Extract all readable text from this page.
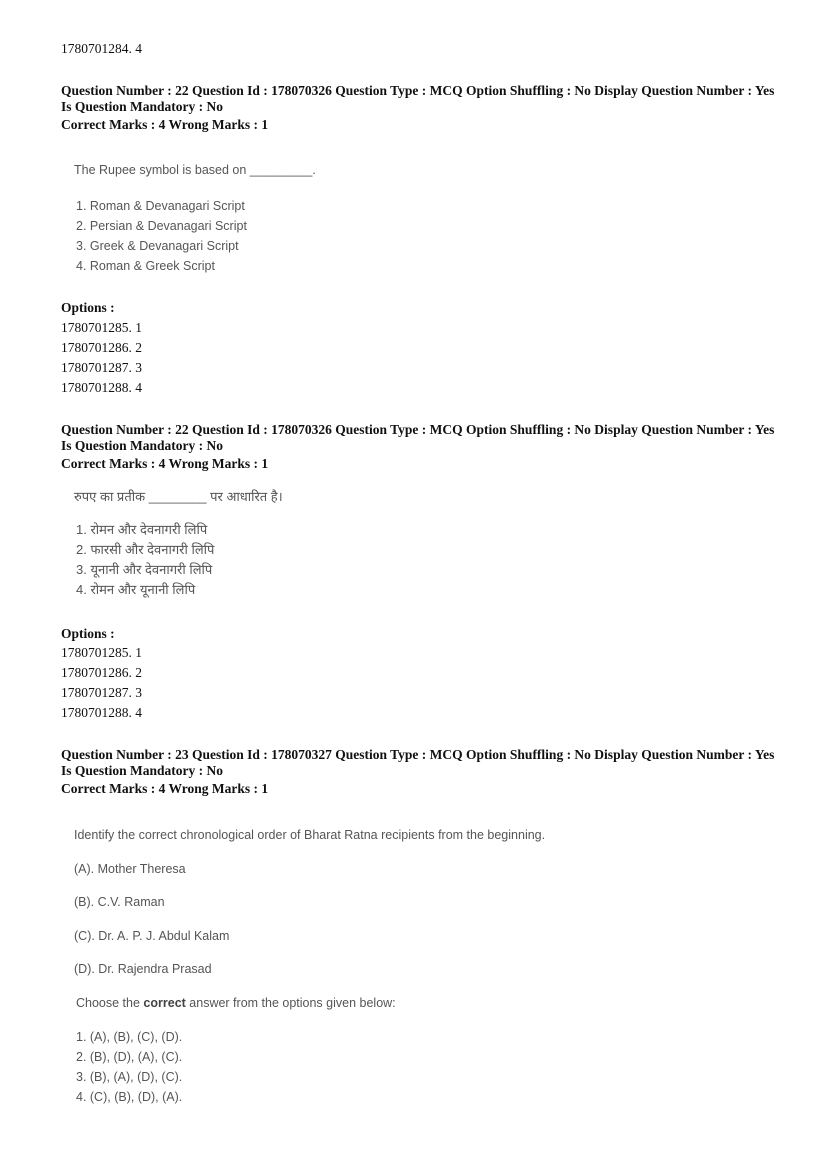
1780701284. 4
Question Number : 22 Question Id : 178070326 Question Type : MCQ Option Shuffling : No Display Question Number : Yes
Is Question Mandatory : No
Correct Marks : 4 Wrong Marks : 1
The Rupee symbol is based on _________.
1. Roman & Devanagari Script
2. Persian & Devanagari Script
3. Greek & Devanagari Script
4. Roman & Greek Script
Options :
1780701285. 1
1780701286. 2
1780701287. 3
1780701288. 4
Question Number : 22 Question Id : 178070326 Question Type : MCQ Option Shuffling : No Display Question Number : Yes
Is Question Mandatory : No
Correct Marks : 4 Wrong Marks : 1
रुपए का प्रतीक ________ पर आधारित है।
1. रोमन और देवनागरी लिपि
2. फारसी और देवनागरी लिपि
3. यूनानी और देवनागरी लिपि
4. रोमन और यूनानी लिपि
Options :
1780701285. 1
1780701286. 2
1780701287. 3
1780701288. 4
Question Number : 23 Question Id : 178070327 Question Type : MCQ Option Shuffling : No Display Question Number : Yes
Is Question Mandatory : No
Correct Marks : 4 Wrong Marks : 1
Identify the correct chronological order of Bharat Ratna recipients from the beginning.
(A). Mother Theresa
(B). C.V. Raman
(C). Dr. A. P. J. Abdul Kalam
(D). Dr. Rajendra Prasad
Choose the correct answer from the options given below:
1. (A), (B), (C), (D).
2. (B), (D), (A), (C).
3. (B), (A), (D), (C).
4. (C), (B), (D), (A).
